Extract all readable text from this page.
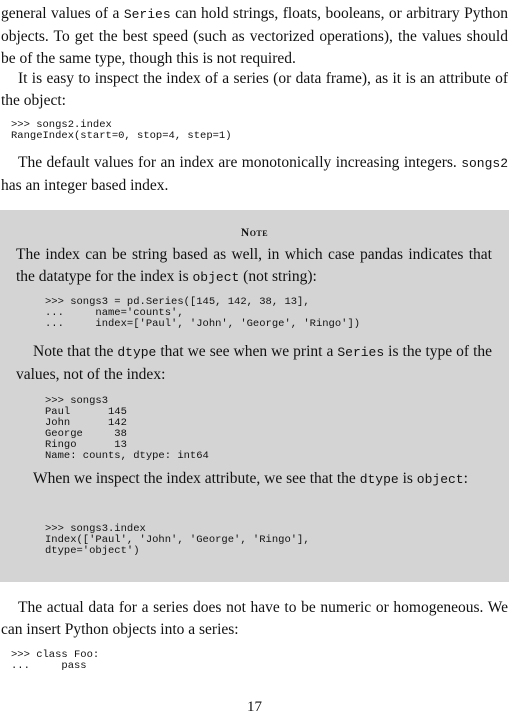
general values of a Series can hold strings, floats, booleans, or arbitrary Python objects. To get the best speed (such as vectorized operations), the values should be of the same type, though this is not required.

It is easy to inspect the index of a series (or data frame), as it is an attribute of the object:

>>> songs2.index
RangeIndex(start=0, stop=4, step=1)

The default values for an index are monotonically increasing integers. songs2 has an integer based index.

Note

The index can be string based as well, in which case pandas indicates that the datatype for the index is object (not string):

>>> songs3 = pd.Series([145, 142, 38, 13],
...     name='counts',
...     index=['Paul', 'John', 'George', 'Ringo'])

Note that the dtype that we see when we print a Series is the type of the values, not of the index:

>>> songs3
Paul      145
John      142
George     38
Ringo      13
Name: counts, dtype: int64

When we inspect the index attribute, we see that the dtype is object:

>>> songs3.index
Index(['Paul', 'John', 'George', 'Ringo'],
dtype='object')

The actual data for a series does not have to be numeric or homogeneous. We can insert Python objects into a series:

>>> class Foo:
...     pass
17
